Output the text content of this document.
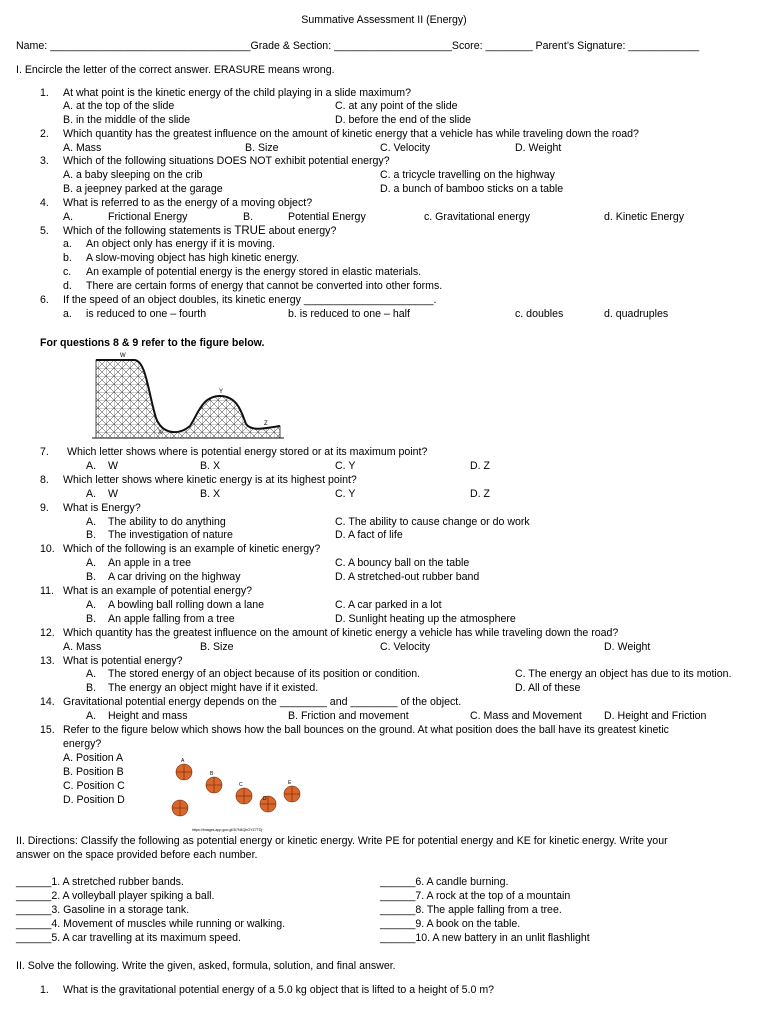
Summative Assessment II (Energy)
Name: __________________________________Grade & Section: ____________________Score: ________ Parent’s Signature: ____________
I. Encircle the letter of the correct answer. ERASURE means wrong.
1. At what point is the kinetic energy of the child playing in a slide maximum?
A. at the top of the slide	C. at any point of the slide
B. in the middle of the slide	D. before the end of the slide
2. Which quantity has the greatest influence on the amount of kinetic energy that a vehicle has while traveling down the road?
A. Mass	B. Size	C. Velocity	D. Weight
3. Which of the following situations DOES NOT exhibit potential energy?
A. a baby sleeping on the crib	C. a tricycle travelling on the highway
B. a jeepney parked at the garage	D. a bunch of bamboo sticks on a table
4. What is referred to as the energy of a moving object?
A.	Frictional Energy	B.	Potential Energy	c. Gravitational energy	d. Kinetic Energy
5. Which of the following statements is TRUE about energy?
a. An object only has energy if it is moving.
b. A slow-moving object has high kinetic energy.
c. An example of potential energy is the energy stored in elastic materials.
d. There are certain forms of energy that cannot be converted into other forms.
6. If the speed of an object doubles, its kinetic energy ______________________.
a. is reduced to one – fourth	b. is reduced to one – half	c. doubles	d. quadruples
For questions 8 & 9 refer to the figure below.
W
X
Y
Z
7. Which letter shows where is potential energy stored or at its maximum point?
A. W	B. X	C. Y	D. Z
8. Which letter shows where kinetic energy is at its highest point?
A. W	B. X	C. Y	D. Z
9. What is Energy?
A. The ability to do anything	C. The ability to cause change or do work
B. The investigation of nature	D. A fact of life
10. Which of the following is an example of kinetic energy?
A. An apple in a tree	C. A bouncy ball on the table
B. A car driving on the highway	D. A stretched-out rubber band
11. What is an example of potential energy?
A. A bowling ball rolling down a lane	C. A car parked in a lot
B. An apple falling from a tree	D. Sunlight heating up the atmosphere
12. Which quantity has the greatest influence on the amount of kinetic energy a vehicle has while traveling down the road?
A. Mass	B. Size	C. Velocity	D. Weight
13. What is potential energy?
A. The stored energy of an object because of its position or condition.	C. The energy an object has due to its motion.
B. The energy an object might have if it existed.	D. All of these
14. Gravitational potential energy depends on the ________ and ________ of the object.
A. Height and mass	B. Friction and movement	C. Mass and Movement D. Height and Friction
15. Refer to the figure below which shows how the ball bounces on the ground. At what position does the ball have its greatest kinetic
energy?
A. Position A
B. Position B
C. Position C
D. Position D
A
B
C
D
E
https://images.app.goo.gl/3i7N4QbGYZ7TDj
II. Directions: Classify the following as potential energy or kinetic energy. Write PE for potential energy and KE for kinetic energy. Write your
answer on the space provided before each number.
______1. A stretched rubber bands.
______2. A volleyball player spiking a ball.
______3. Gasoline in a storage tank.
______4. Movement of muscles while running or walking.
______5. A car travelling at its maximum speed.
______6. A candle burning.
______7. A rock at the top of a mountain
______8. The apple falling from a tree.
______9. A book on the table.
______10. A new battery in an unlit flashlight
II. Solve the following. Write the given, asked, formula, solution, and final answer.
1. What is the gravitational potential energy of a 5.0 kg object that is lifted to a height of 5.0 m?
